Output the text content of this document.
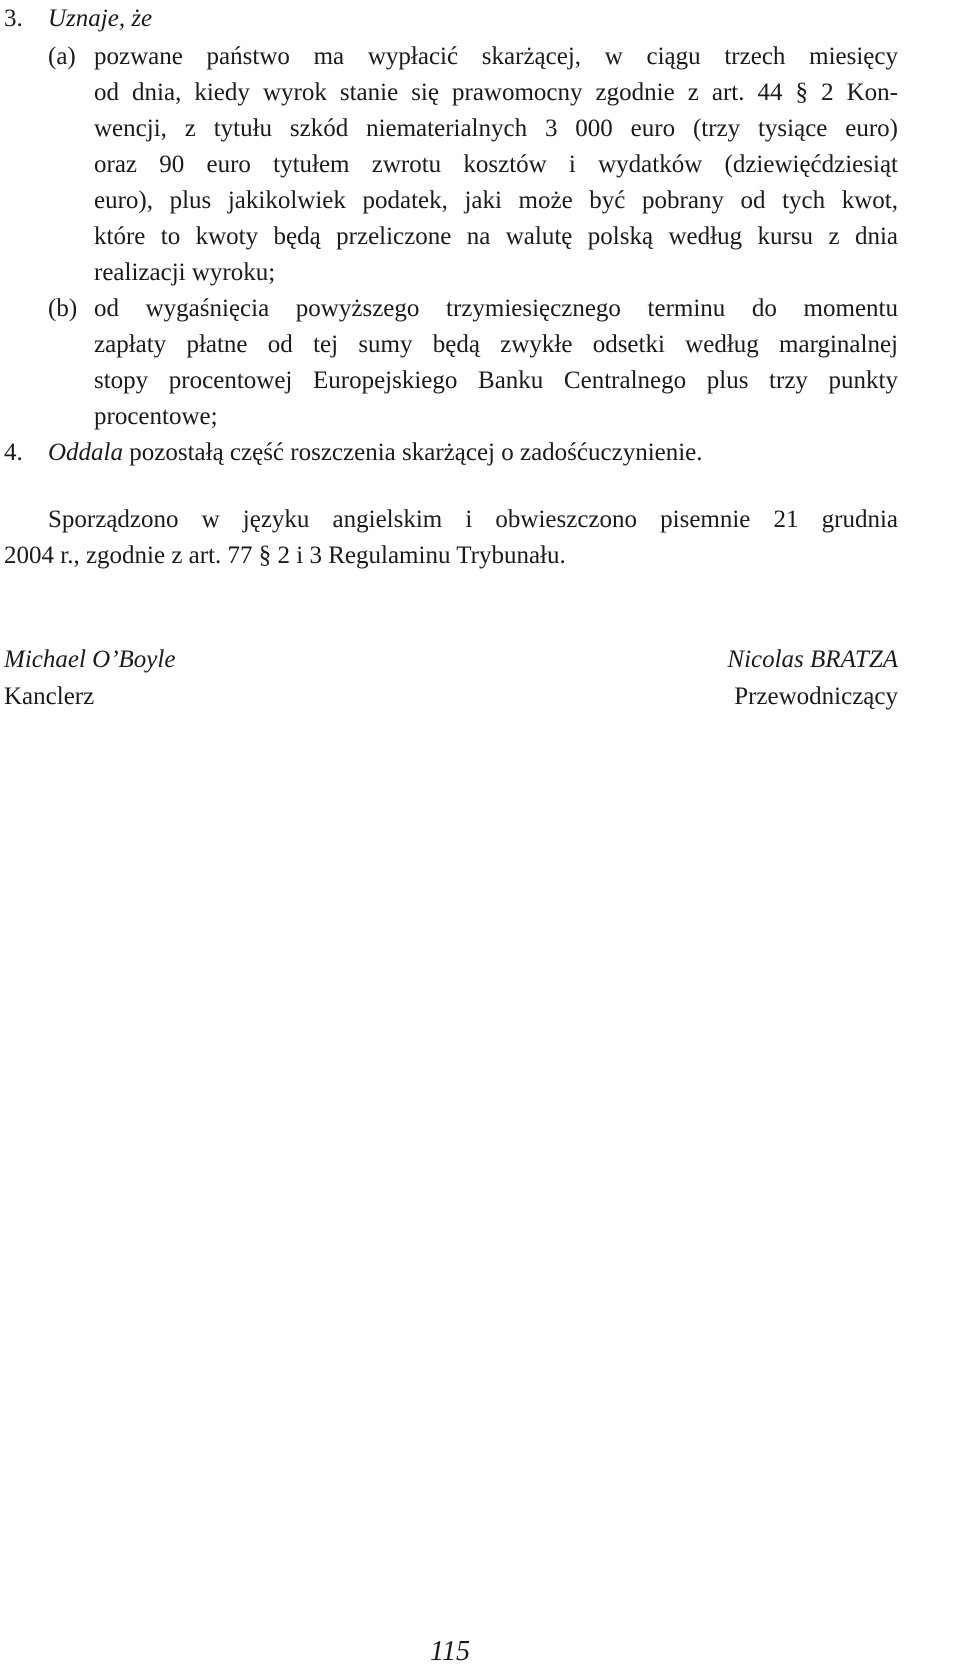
3. Uznaje, że
(a) pozwane państwo ma wypłacić skarżącej, w ciągu trzech miesięcy
od dnia, kiedy wyrok stanie się prawomocny zgodnie z art. 44 § 2 Kon-
wencji, z tytułu szkód niematerialnych 3 000 euro (trzy tysiące euro)
oraz 90 euro tytułem zwrotu kosztów i wydatków (dziewięćdziesiąt
euro), plus jakikolwiek podatek, jaki może być pobrany od tych kwot,
które to kwoty będą przeliczone na walutę polską według kursu z dnia
realizacji wyroku;
(b) od wygaśnięcia powyższego trzymiesięcznego terminu do momentu
zapłaty płatne od tej sumy będą zwykłe odsetki według marginalnej
stopy procentowej Europejskiego Banku Centralnego plus trzy punkty
procentowe;
4. Oddala pozostałą część roszczenia skarżącej o zadośćuczynienie.
Sporządzono w języku angielskim i obwieszczono pisemnie 21 grudnia
2004 r., zgodnie z art. 77 § 2 i 3 Regulaminu Trybunału.
Michael O’Boyle
Kanclerz
Nicolas BRATZA
Przewodniczący
115
